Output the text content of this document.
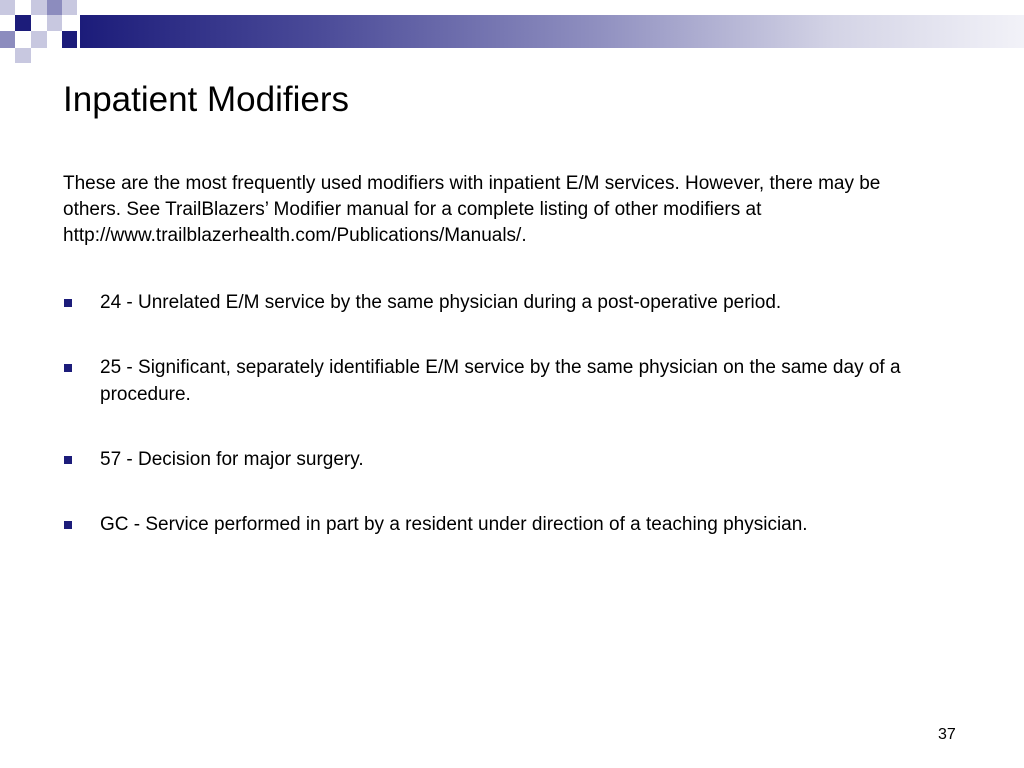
Inpatient Modifiers

These are the most frequently used modifiers with inpatient E/M services. However, there may be others. See TrailBlazers’ Modifier manual for a complete listing of other modifiers at http://www.trailblazerhealth.com/Publications/Manuals/.

24 - Unrelated E/M service by the same physician during a post-operative period.
25 - Significant, separately identifiable E/M service by the same physician on the same day of a procedure.
57 - Decision for major surgery.
GC - Service performed in part by a resident under direction of a teaching physician.
37
